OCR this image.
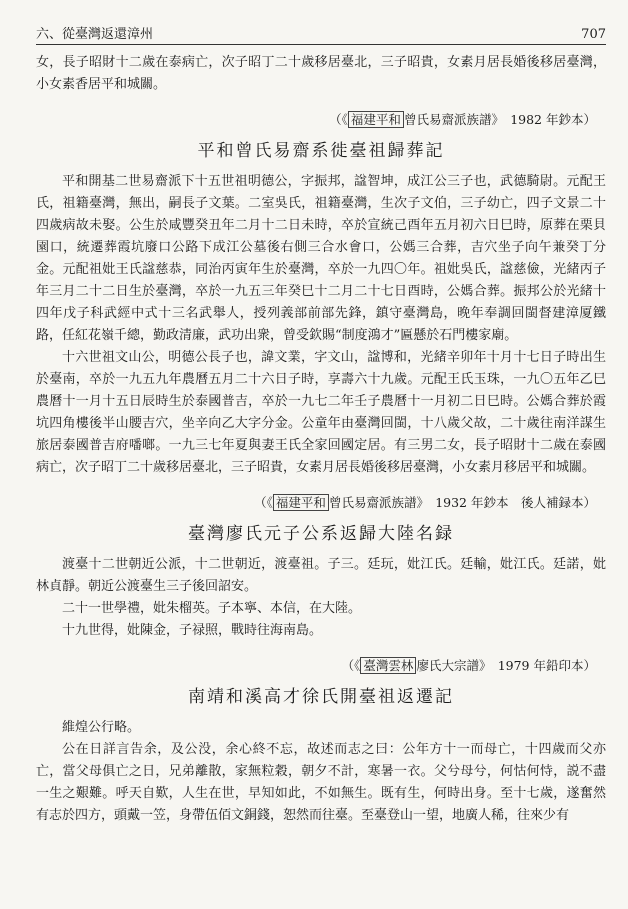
六、從臺灣返還漳州	707

女，長子昭財十二歲在泰病亡，次子昭丁二十歲移居臺北，三子昭貴，女素月居長婚後移居臺灣，小女素香居平和城關。

（《 福建平和 曾氏易齋派族譜》　1982 年鈔本）
平和曾氏易齋系徙臺祖歸葬記

平和開基二世易齋派下十五世祖明德公，字振邦，諡智坤，成江公三子也，武德騎尉。元配王氏，祖籍臺灣，無出，嗣長子文葉。二室吳氏，祖籍臺灣，生次子文伯，三子幼亡，四子文景二十四歲病故未娶。公生於咸豐癸丑年二月十二日未時，卒於宣統己酉年五月初六日巳時，原葬在栗貝園口，統遷葬霞坑廢口公路下成江公墓後右側三合水會口，公媽三合葬，吉穴坐子向午兼癸丁分金。元配祖妣王氏諡慈恭，同治丙寅年生於臺灣，卒於一九四〇年。祖妣吳氏，諡慈儉，光緒丙子年三月二十二日生於臺灣，卒於一九五三年癸巳十二月二十七日酉時，公媽合葬。振邦公於光緒十四年戊子科武經中式十三名武舉人，授列義部前部先鋒，鎮守臺灣島，晚年奉調回閩督建漳厦鐵路，任紅花嶺千總，勤政清廉，武功出衆，曾受欽賜“制度鴻才”匾懸於石門樓家廟。

十六世祖文山公，明德公長子也，諱文業，字文山，諡博和，光緒辛卯年十月十七日子時出生於臺南，卒於一九五九年農曆五月二十六日子時，享壽六十九歲。元配王氏玉珠，一九〇五年乙巳農曆十一月十五日辰時生於泰國普吉，卒於一九七二年壬子農曆十一月初二日巳時。公媽合葬於霞坑四角樓後半山腰吉穴，坐辛向乙大字分金。公童年由臺灣回閩，十八歲父故，二十歲往南洋謀生旅居泰國普吉府噃啷。一九三七年夏與妻王氏全家回國定居。有三男二女，長子昭財十二歲在泰國病亡，次子昭丁二十歲移居臺北，三子昭貴，女素月居長婚後移居臺灣，小女素月移居平和城關。

（《 福建平和 曾氏易齋派族譜》　1932 年鈔本　後人補録本）
臺灣廖氏元子公系返歸大陸名録

渡臺十二世朝近公派，十二世朝近，渡臺祖。子三。廷玩，妣江氏。廷輸，妣江氏。廷諾，妣林貞靜。朝近公渡臺生三子後回詔安。

二十一世學禮，妣朱榴英。子本寧、本信，在大陸。

十九世得，妣陳金，子禄照，戰時往海南島。

（《 臺灣雲林 廖氏大宗譜》　1979 年鉛印本）
南靖和溪高才徐氏開臺祖返遷記

維煌公行略。

公在日詳言告余，及公没，余心終不忘，故述而志之曰：公年方十一而母亡，十四歲而父亦亡，當父母俱亡之日，兄弟離散，家無粒穀，朝夕不計，寒暑一衣。父兮母兮，何怙何恃，説不盡一生之艱難。呼天自歎，人生在世，早知如此，不如無生。既有生，何時出身。至十七歲，遂奮然有志於四方，頭戴一笠，身帶伍佰文銅錢，恕然而往臺。至臺登山一望，地廣人稀，往來少有
